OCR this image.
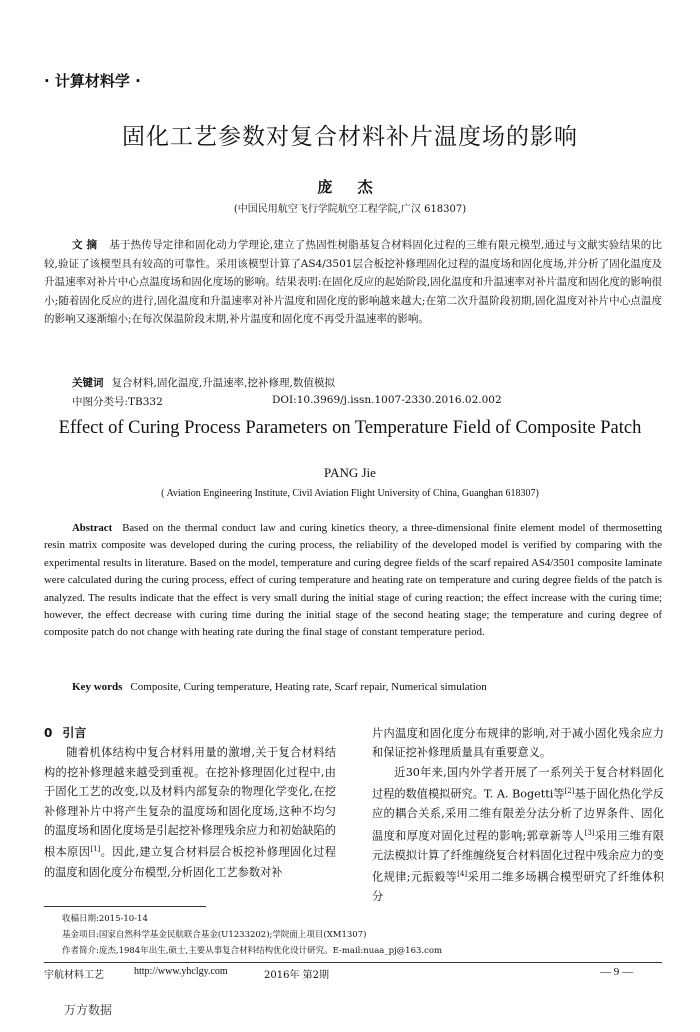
· 计算材料学 ·
固化工艺参数对复合材料补片温度场的影响
庞 杰
(中国民用航空飞行学院航空工程学院,广汉 618307)
文 摘 基于热传导定律和固化动力学理论,建立了热固性树脂基复合材料固化过程的三维有限元模型,通过与文献实验结果的比较,验证了该模型具有较高的可靠性。采用该模型计算了AS4/3501层合板挖补修理固化过程的温度场和固化度场,并分析了固化温度及升温速率对补片中心点温度场和固化度场的影响。结果表明:在固化反应的起始阶段,固化温度和升温速率对补片温度和固化度的影响很小;随着固化反应的进行,固化温度和升温速率对补片温度和固化度的影响越来越大;在第二次升温阶段初期,固化温度对补片中心点温度的影响又逐渐缩小;在每次保温阶段末期,补片温度和固化度不再受升温速率的影响。
关键词 复合材料,固化温度,升温速率,挖补修理,数值模拟
中图分类号:TB332	DOI:10.3969/j.issn.1007-2330.2016.02.002
Effect of Curing Process Parameters on Temperature Field of Composite Patch
PANG Jie
( Aviation Engineering Institute, Civil Aviation Flight University of China, Guanghan 618307)
Abstract Based on the thermal conduct law and curing kinetics theory, a three-dimensional finite element model of thermosetting resin matrix composite was developed during the curing process, the reliability of the developed model is verified by comparing with the experimental results in literature. Based on the model, temperature and curing degree fields of the scarf repaired AS4/3501 composite laminate were calculated during the curing process, effect of curing temperature and heating rate on temperature and curing degree fields of the patch is analyzed. The results indicate that the effect is very small during the initial stage of curing reaction; the effect increase with the curing time; however, the effect decrease with curing time during the initial stage of the second heating stage; the temperature and curing degree of composite patch do not change with heating rate during the final stage of constant temperature period.
Key words Composite, Curing temperature, Heating rate, Scarf repair, Numerical simulation
0 引言
随着机体结构中复合材料用量的激增,关于复合材料结构的挖补修理越来越受到重视。在挖补修理固化过程中,由于固化工艺的改变,以及材料内部复杂的物理化学变化,在挖补修理补片中将产生复杂的温度场和固化度场,这种不均匀的温度场和固化度场是引起挖补修理残余应力和初始缺陷的根本原因[1]。因此,建立复合材料层合板挖补修理固化过程的温度和固化度分布模型,分析固化工艺参数对补
片内温度和固化度分布规律的影响,对于减小固化残余应力和保证挖补修理质量具有重要意义。
近30年来,国内外学者开展了一系列关于复合材料固化过程的数值模拟研究。T. A. Bogetti等[2]基于固化热化学反应的耦合关系,采用二维有限差分法分析了边界条件、固化温度和厚度对固化过程的影响;郭章新等人[3]采用三维有限元法模拟计算了纤维缠绕复合材料固化过程中残余应力的变化规律;元振毅等[4]采用二维多场耦合模型研究了纤维体积分
收稿日期:2015-10-14
基金项目:国家自然科学基金民航联合基金(U1233202);学院面上项目(XM1307)
作者简介:庞杰,1984年出生,硕士,主要从事复合材料结构优化设计研究。E-mail:nuaa_pj@163.com
宇航材料工艺	http://www.yhclgy.com	2016年 第2期	— 9 —
万方数据
